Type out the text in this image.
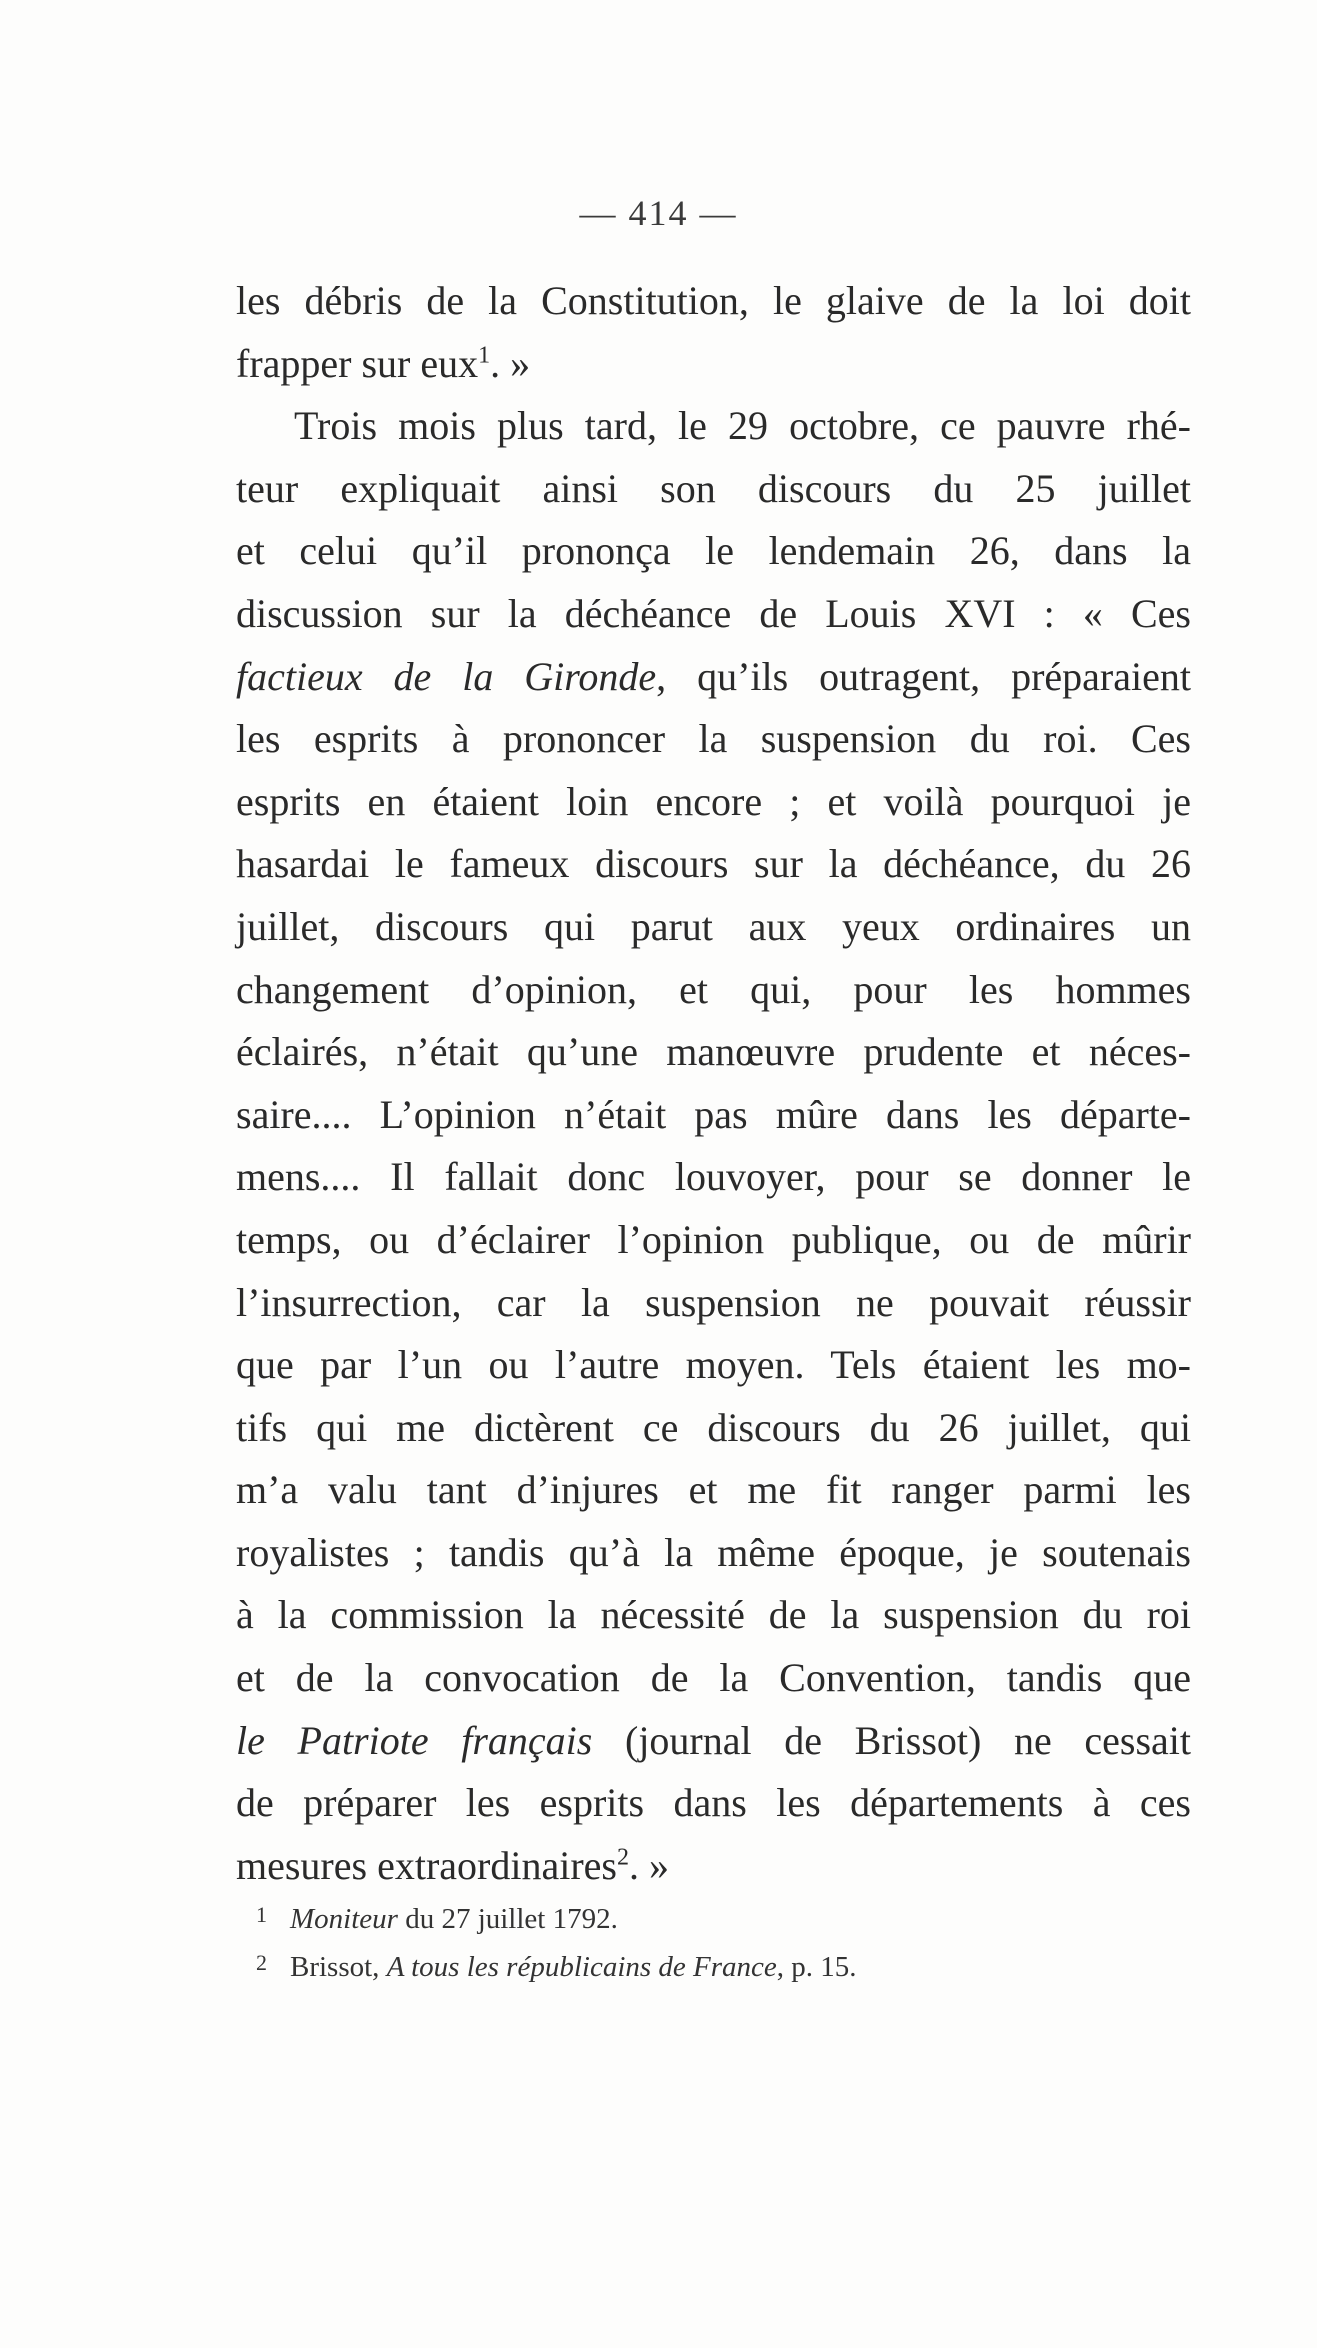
— 414 —
les débris de la Constitution, le glaive de la loi doit
frapper sur eux$^1$. »
Trois mois plus tard, le 29 octobre, ce pauvre rhé-
teur expliquait ainsi son discours du 25 juillet
et celui qu’il prononça le lendemain 26, dans la
discussion sur la déchéance de Louis XVI : « Ces
factieux de la Gironde, qu’ils outragent, préparaient
les esprits à prononcer la suspension du roi. Ces
esprits en étaient loin encore ; et voilà pourquoi je
hasardai le fameux discours sur la déchéance, du 26
juillet, discours qui parut aux yeux ordinaires un
changement d’opinion, et qui, pour les hommes
éclairés, n’était qu’une manœuvre prudente et néces-
saire.... L’opinion n’était pas mûre dans les départe-
mens.... Il fallait donc louvoyer, pour se donner le
temps, ou d’éclairer l’opinion publique, ou de mûrir
l’insurrection, car la suspension ne pouvait réussir
que par l’un ou l’autre moyen. Tels étaient les mo-
tifs qui me dictèrent ce discours du 26 juillet, qui
m’a valu tant d’injures et me fit ranger parmi les
royalistes ; tandis qu’à la même époque, je soutenais
à la commission la nécessité de la suspension du roi
et de la convocation de la Convention, tandis que
le Patriote français (journal de Brissot) ne cessait
de préparer les esprits dans les départements à ces
mesures extraordinaires$^2$. »
1 Moniteur du 27 juillet 1792.
2 Brissot, A tous les républicains de France, p. 15.
